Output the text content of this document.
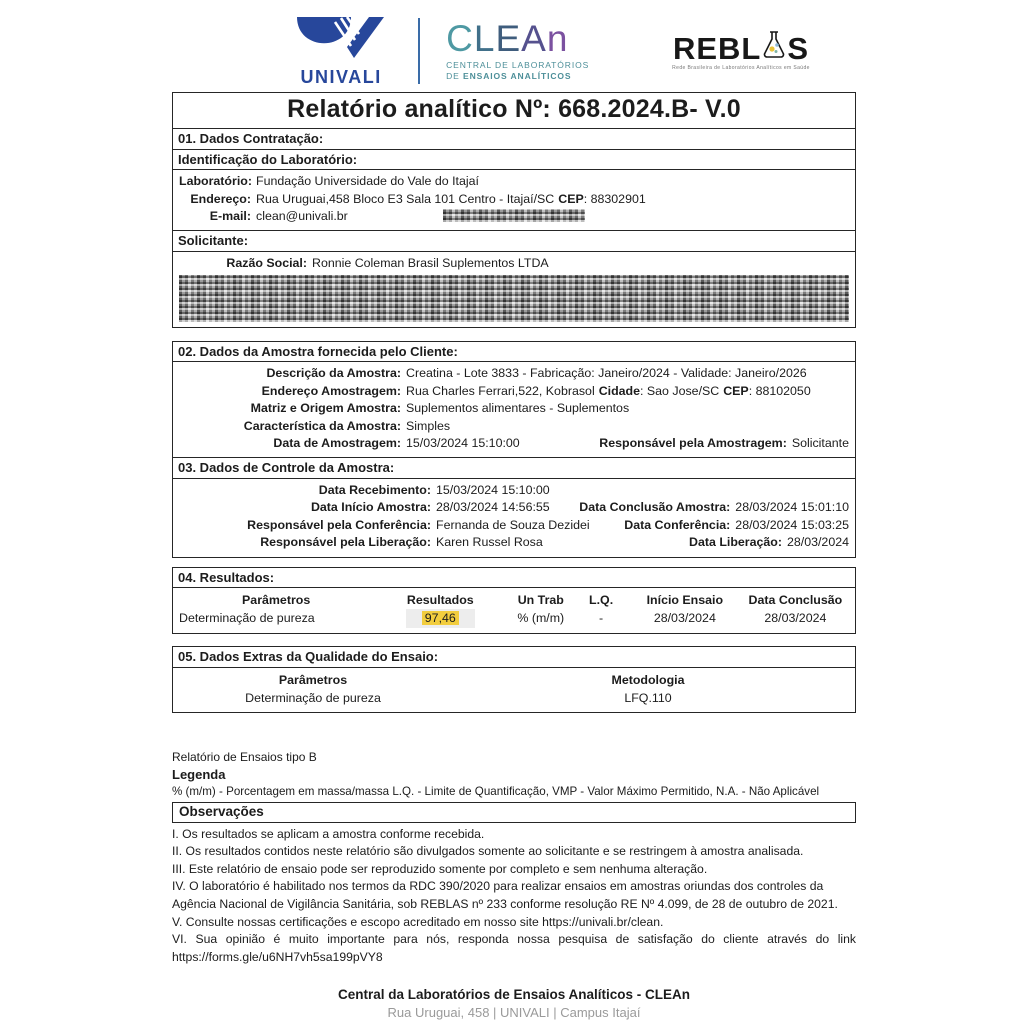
UNIVALI
CLEAn
CENTRAL DE LABORATÓRIOS
DE ENSAIOS ANALÍTICOS
REBL S
Rede Brasileira de Laboratórios Analíticos em Saúde
Relatório analítico Nº: 668.2024.B- V.0
01. Dados Contratação:
Identificação do Laboratório:
Laboratório: Fundação Universidade do Vale do Itajaí
Endereço: Rua Uruguai,458 Bloco E3 Sala 101 Centro - Itajaí/SC CEP: 88302901
E-mail: clean@univali.br
Solicitante:
Razão Social: Ronnie Coleman Brasil Suplementos LTDA
02. Dados da Amostra fornecida pelo Cliente:
Descrição da Amostra: Creatina - Lote 3833 - Fabricação: Janeiro/2024 - Validade: Janeiro/2026
Endereço Amostragem: Rua Charles Ferrari,522, Kobrasol Cidade: Sao Jose/SC CEP: 88102050
Matriz e Origem Amostra: Suplementos alimentares - Suplementos
Característica da Amostra: Simples
Data de Amostragem: 15/03/2024 15:10:00	Responsável pela Amostragem: Solicitante
03. Dados de Controle da Amostra:
Data Recebimento: 15/03/2024 15:10:00
Data Início Amostra: 28/03/2024 14:56:55 Data Conclusão Amostra: 28/03/2024 15:01:10
Responsável pela Conferência: Fernanda de Souza Dezidei	Data Conferência: 28/03/2024 15:03:25
Responsável pela Liberação: Karen Russel Rosa	Data Liberação: 28/03/2024
04. Resultados:
Parâmetros	Resultados	Un Trab	L.Q.	Início Ensaio	Data Conclusão
Determinação de pureza	97,46	% (m/m)	-	28/03/2024	28/03/2024
05. Dados Extras da Qualidade do Ensaio:
Parâmetros	Metodologia
Determinação de pureza	LFQ.110
Relatório de Ensaios tipo B
Legenda
% (m/m) - Porcentagem em massa/massa L.Q. - Limite de Quantificação, VMP - Valor Máximo Permitido, N.A. - Não Aplicável
Observações
I. Os resultados se aplicam a amostra conforme recebida.
II. Os resultados contidos neste relatório são divulgados somente ao solicitante e se restringem à amostra analisada.
III. Este relatório de ensaio pode ser reproduzido somente por completo e sem nenhuma alteração.
IV. O laboratório é habilitado nos termos da RDC 390/2020 para realizar ensaios em amostras oriundas dos controles da Agência Nacional de Vigilância Sanitária, sob REBLAS nº 233 conforme resolução RE Nº 4.099, de 28 de outubro de 2021.
V. Consulte nossas certificações e escopo acreditado em nosso site https://univali.br/clean.
VI. Sua opinião é muito importante para nós, responda nossa pesquisa de satisfação do cliente através do link https://forms.gle/u6NH7vh5sa199pVY8
Central da Laboratórios de Ensaios Analíticos - CLEAn
Rua Uruguai, 458 | UNIVALI | Campus Itajaí
